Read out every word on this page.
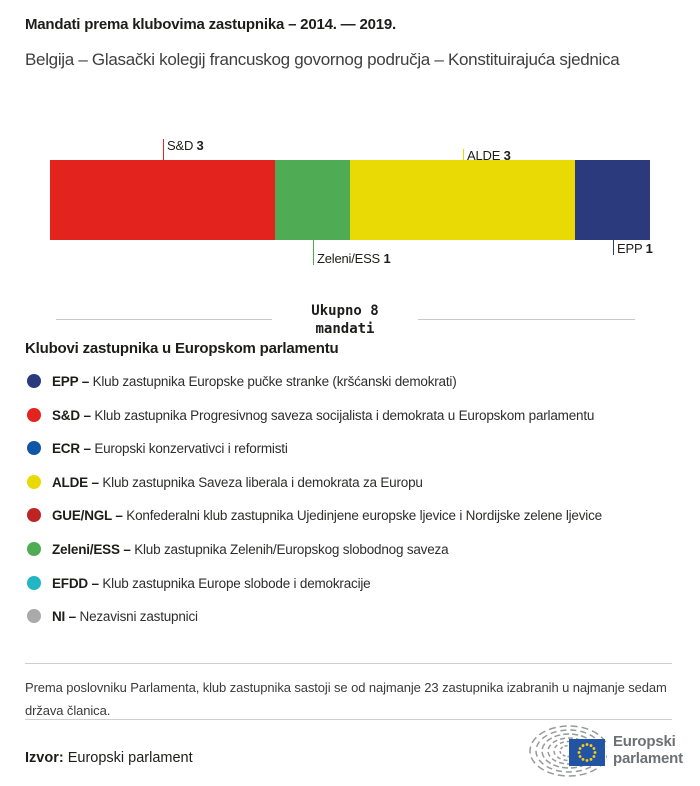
Mandati prema klubovima zastupnika – 2014. — 2019.
Belgija – Glasački kolegij francuskog govornog područja – Konstituirajuća sjednica
S&D 3
Zeleni/ESS 1
ALDE 3
EPP 1
Ukupno 8
mandati
Klubovi zastupnika u Europskom parlamentu
EPP – Klub zastupnika Europske pučke stranke (kršćanski demokrati)
S&D – Klub zastupnika Progresivnog saveza socijalista i demokrata u Europskom parlamentu
ECR – Europski konzervativci i reformisti
ALDE – Klub zastupnika Saveza liberala i demokrata za Europu
GUE/NGL – Konfederalni klub zastupnika Ujedinjene europske ljevice i Nordijske zelene ljevice
Zeleni/ESS – Klub zastupnika Zelenih/Europskog slobodnog saveza
EFDD – Klub zastupnika Europe slobode i demokracije
NI – Nezavisni zastupnici
Prema poslovniku Parlamenta, klub zastupnika sastoji se od najmanje 23 zastupnika izabranih u najmanje sedam država članica.
Izvor: Europski parlament
Europski
parlament
